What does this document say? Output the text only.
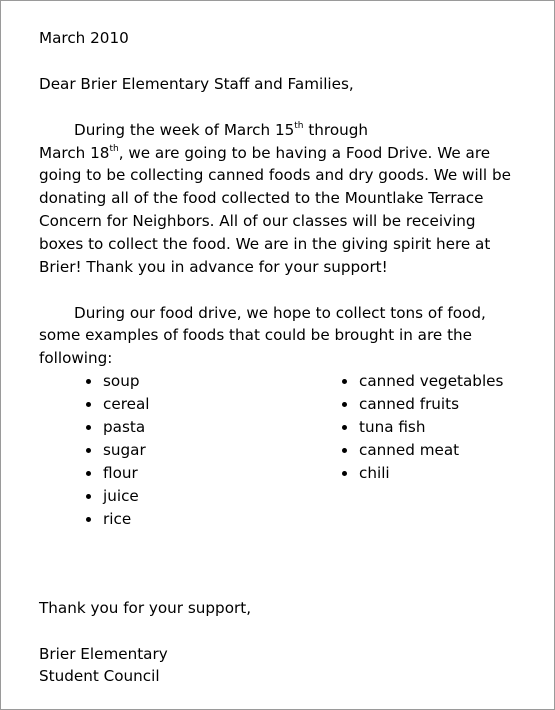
March 2010
Dear Brier Elementary Staff and Families,
During the week of March 15th through
March 18th, we are going to be having a Food Drive. We are
going to be collecting canned foods and dry goods. We will be
donating all of the food collected to the Mountlake Terrace
Concern for Neighbors. All of our classes will be receiving
boxes to collect the food. We are in the giving spirit here at
Brier! Thank you in advance for your support!
During our food drive, we hope to collect tons of food,
some examples of foods that could be brought in are the
following:
soup
cereal
pasta
sugar
flour
juice
rice
canned vegetables
canned fruits
tuna fish
canned meat
chili
Thank you for your support,
Brier Elementary
Student Council
